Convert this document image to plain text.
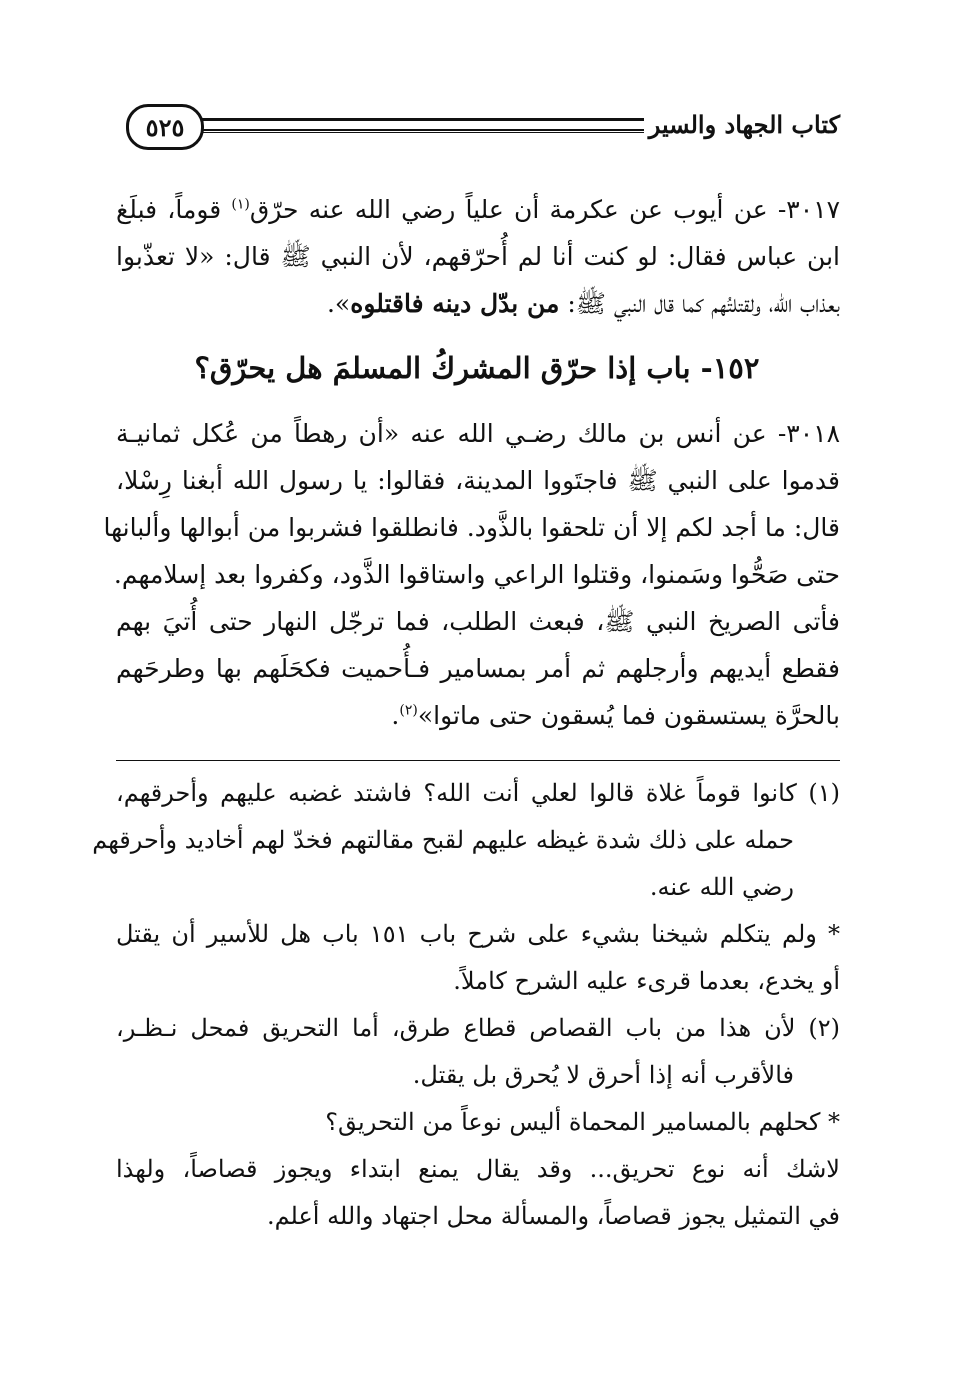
كتاب الجهاد والسير
٥٢٥
٣٠١٧- عن أيوب عن عكرمة أن علياً رضي الله عنه حرّق$^{(١)}$ قوماً، فبلَغ
ابن عباس فقال: لو كنت أنا لم أُحرّقهم، لأن النبي ﷺ قال: «لا تعذّبوا
بعذاب الله، ولقتلتُهم كما قال النبي ﷺ: من بدّل دينه فاقتلوه».
١٥٢- باب إذا حرّق المشركُ المسلمَ هل يحرّق؟
٣٠١٨- عن أنس بن مالك رضـي الله عنه «أن رهطاً من عُكل ثمانيـة
قدموا على النبي ﷺ فاجتَووا المدينة، فقالوا: يا رسول الله أبغنا رِسْلا،
قال: ما أجد لكم إلا أن تلحقوا بالذَّود. فانطلقوا فشربوا من أبوالها وألبانها
حتى صَحُّوا وسَمنوا، وقتلوا الراعي واستاقوا الذَّود، وكفروا بعد إسلامهم.
فأتى الصريخ النبي ﷺ، فبعث الطلب، فما ترجّل النهار حتى أُتيَ بهم
فقطع أيديهم وأرجلهم ثم أمر بمسامير فـأُحميت فكحَلَهم بها وطرحَهم
بالحرَّة يستسقون فما يُسقون حتى ماتوا»$^{(٢)}$.
(١) كانوا قوماً غلاة قالوا لعلي أنت الله؟ فاشتد غضبه عليهم وأحرقهم،
حمله على ذلك شدة غيظه عليهم لقبح مقالتهم فخدّ لهم أخاديد وأحرقهم
رضي الله عنه.
* ولم يتكلم شيخنا بشيء على شرح باب ١٥١ باب هل للأسير أن يقتل
أو يخدع، بعدما قرىء عليه الشرح كاملاً.
(٢) لأن هذا من باب القصاص قطاع طرق، أما التحريق فمحل نـظـر،
فالأقرب أنه إذا أحرق لا يُحرق بل يقتل.
* كحلهم بالمسامير المحماة أليس نوعاً من التحريق؟
لاشك أنه نوع تحريق... وقد يقال يمنع ابتداء ويجوز قصاصاً، ولهذا
في التمثيل يجوز قصاصاً، والمسألة محل اجتهاد والله أعلم.
